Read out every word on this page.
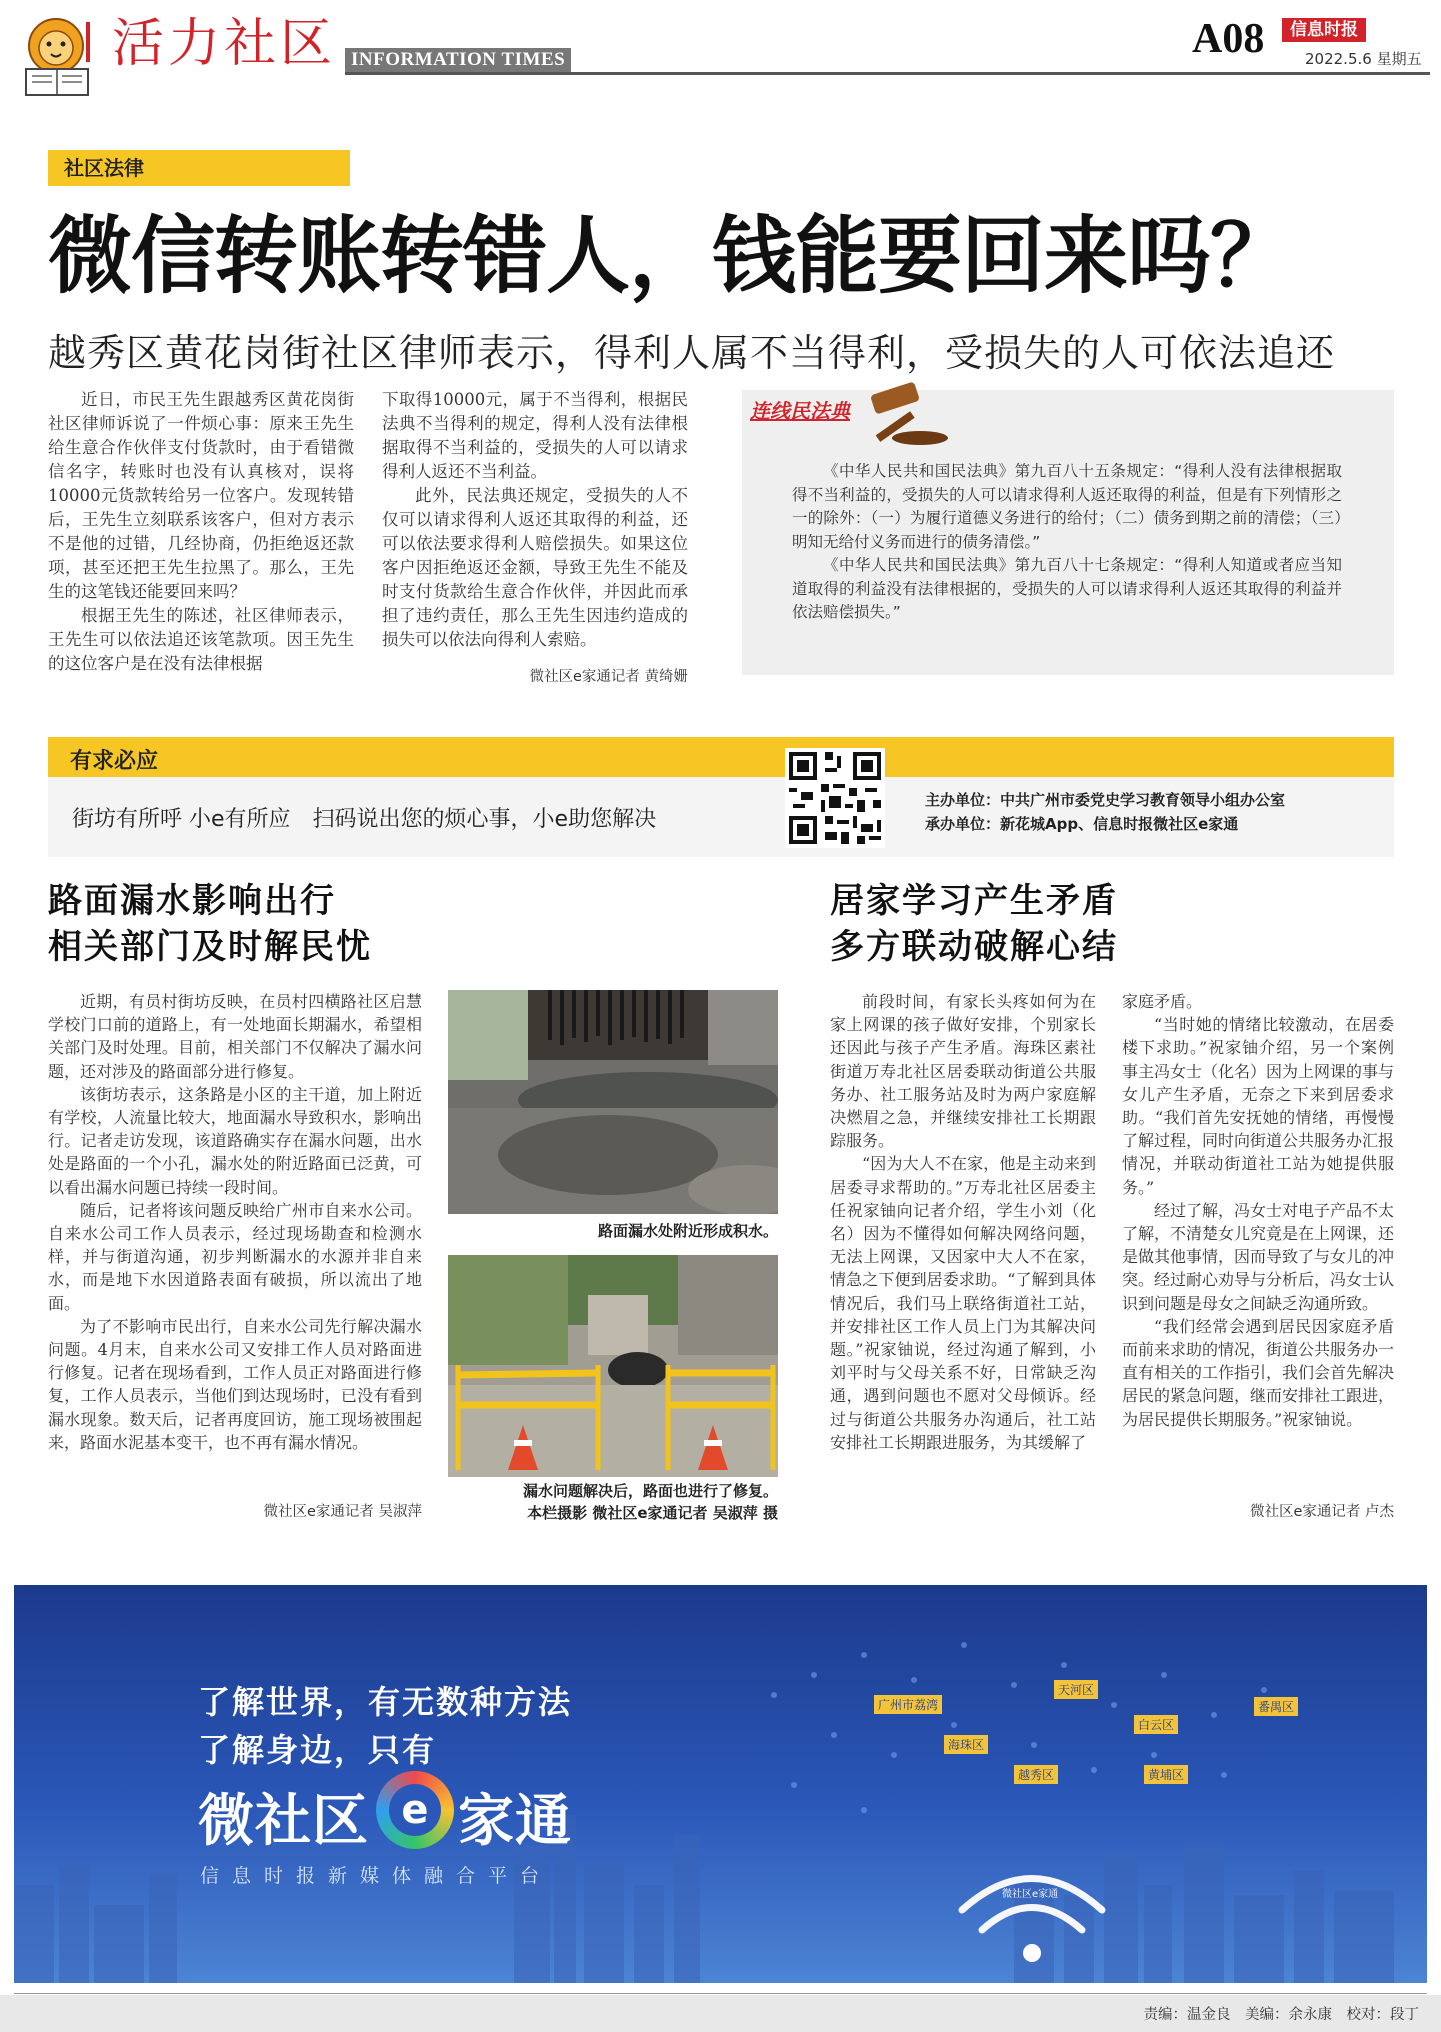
活力社区 INFORMATION TIMES	A08	信息时报
2022.5.6 星期五
社区法律
微信转账转错人，钱能要回来吗？
越秀区黄花岗街社区律师表示，得利人属不当得利，受损失的人可依法追还

近日，市民王先生跟越秀区黄花岗街社区律师诉说了一件烦心事：原来王先生给生意合作伙伴支付货款时，由于看错微信名字，转账时也没有认真核对，误将10000元货款转给另一位客户。发现转错后，王先生立刻联系该客户，但对方表示不是他的过错，几经协商，仍拒绝返还款项，甚至还把王先生拉黑了。那么，王先生的这笔钱还能要回来吗？

根据王先生的陈述，社区律师表示，王先生可以依法追还该笔款项。因王先生的这位客户是在没有法律根据

下取得10000元，属于不当得利，根据民法典不当得利的规定，得利人没有法律根据取得不当利益的，受损失的人可以请求得利人返还不当利益。

此外，民法典还规定，受损失的人不仅可以请求得利人返还其取得的利益，还可以依法要求得利人赔偿损失。如果这位客户因拒绝返还金额，导致王先生不能及时支付货款给生意合作伙伴，并因此而承担了违约责任，那么王先生因违约造成的损失可以依法向得利人索赔。

微社区e家通记者 黄绮姗
连线民法典

《中华人民共和国民法典》第九百八十五条规定：“得利人没有法律根据取得不当利益的，受损失的人可以请求得利人返还取得的利益，但是有下列情形之一的除外：（一）为履行道德义务进行的给付；（二）债务到期之前的清偿；（三）明知无给付义务而进行的债务清偿。”

《中华人民共和国民法典》第九百八十七条规定：“得利人知道或者应当知道取得的利益没有法律根据的，受损失的人可以请求得利人返还其取得的利益并依法赔偿损失。”

有求必应
街坊有所呼 小e有所应　扫码说出您的烦心事，小e助您解决
主办单位：中共广州市委党史学习教育领导小组办公室
承办单位：新花城App、信息时报微社区e家通
路面漏水影响出行
相关部门及时解民忧

近期，有员村街坊反映，在员村四横路社区启慧学校门口前的道路上，有一处地面长期漏水，希望相关部门及时处理。目前，相关部门不仅解决了漏水问题，还对涉及的路面部分进行修复。

该街坊表示，这条路是小区的主干道，加上附近有学校，人流量比较大，地面漏水导致积水，影响出行。记者走访发现，该道路确实存在漏水问题，出水处是路面的一个小孔，漏水处的附近路面已泛黄，可以看出漏水问题已持续一段时间。

随后，记者将该问题反映给广州市自来水公司。自来水公司工作人员表示，经过现场勘查和检测水样，并与街道沟通，初步判断漏水的水源并非自来水，而是地下水因道路表面有破损，所以流出了地面。

为了不影响市民出行，自来水公司先行解决漏水问题。4月末，自来水公司又安排工作人员对路面进行修复。记者在现场看到，工作人员正对路面进行修复，工作人员表示，当他们到达现场时，已没有看到漏水现象。数天后，记者再度回访，施工现场被围起来，路面水泥基本变干，也不再有漏水情况。

微社区e家通记者 吴淑萍
路面漏水处附近形成积水。
漏水问题解决后，路面也进行了修复。
本栏摄影 微社区e家通记者 吴淑萍 摄
居家学习产生矛盾
多方联动破解心结

前段时间，有家长头疼如何为在家上网课的孩子做好安排，个别家长还因此与孩子产生矛盾。海珠区素社街道万寿北社区居委联动街道公共服务办、社工服务站及时为两户家庭解决燃眉之急，并继续安排社工长期跟踪服务。

“因为大人不在家，他是主动来到居委寻求帮助的。”万寿北社区居委主任祝家铀向记者介绍，学生小刘（化名）因为不懂得如何解决网络问题，无法上网课，又因家中大人不在家，情急之下便到居委求助。“了解到具体情况后，我们马上联络街道社工站，并安排社区工作人员上门为其解决问题。”祝家铀说，经过沟通了解到，小刘平时与父母关系不好，日常缺乏沟通，遇到问题也不愿对父母倾诉。经过与街道公共服务办沟通后，社工站安排社工长期跟进服务，为其缓解了

家庭矛盾。

“当时她的情绪比较激动，在居委楼下求助。”祝家铀介绍，另一个案例事主冯女士（化名）因为上网课的事与女儿产生矛盾，无奈之下来到居委求助。“我们首先安抚她的情绪，再慢慢了解过程，同时向街道公共服务办汇报情况，并联动街道社工站为她提供服务。”

经过了解，冯女士对电子产品不太了解，不清楚女儿究竟是在上网课，还是做其他事情，因而导致了与女儿的冲突。经过耐心劝导与分析后，冯女士认识到问题是母女之间缺乏沟通所致。

“我们经常会遇到居民因家庭矛盾而前来求助的情况，街道公共服务办一直有相关的工作指引，我们会首先解决居民的紧急问题，继而安排社工跟进，为居民提供长期服务。”祝家铀说。

微社区e家通记者 卢杰
广州市荔湾
天河区
白云区
番禺区
海珠区
越秀区	黄埔区
了解世界，有无数种方法
了解身边，只有
微社区 e 家通
信息时报新媒体融合平台
微社区e家通
责编：温金良　美编：余永康　校对：段丁
